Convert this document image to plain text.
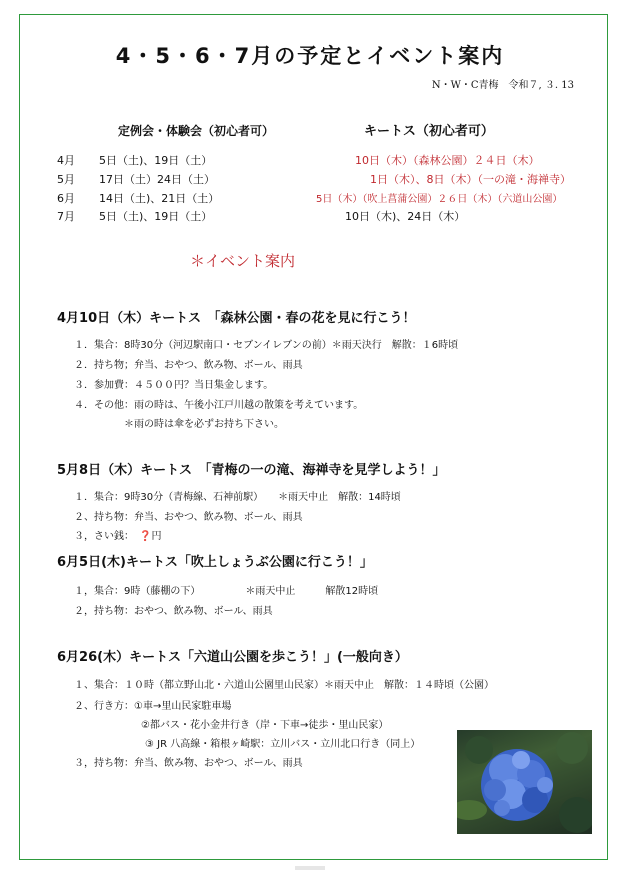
4・5・6・7月の予定とイベント案内
N・W・C青梅　令和７, ３. 13
定例会・体験会（初心者可）	キートス（初心者可）
4月 5日（土)、19日（土）	10日（木）（森林公園）２４日（木）
5月 17日（土）24日（土）	1日（木）、8日（木）（一の滝・海禅寺）
6月 14日（土)、21日（土）	5日（木）（吹上菖蒲公園）２６日（木）（六道山公園）
7月 5日（土)、19日（土）	10日（木)、24日（木）
＊イベント案内
4月10日（木）キートス　「森林公園・春の花を見に行こう！
１．集合：8時30分（河辺駅南口・セブンイレブンの前）＊雨天決行　解散：１6時頃
２．持ち物；弁当、おやつ、飲み物、ボール、雨具
３．参加費：４５００円？当日集金します。
４．その他：雨の時は、午後小江戸川越の散策を考えています。
　　　　　＊雨の時は傘を必ずお持ち下さい。
5月8日（木）キートス　「青梅の一の滝、海禅寺を見学しよう！」
１．集合：9時30分（青梅線、石神前駅）　　＊雨天中止　解散：14時頃
２、持ち物：弁当、おやつ、飲み物、ボール、雨具
３，さい銭：　❓円
6月5日(木)キートス「吹上しょうぶ公園に行こう！」
１，集合：9時（藤棚の下）　　　　　＊雨天中止　　　解散12時頃
２，持ち物：おやつ、飲み物、ボール、雨具
6月26(木）キートス「六道山公園を歩こう！」(一般向き）
１、集合：１０時（都立野山北・六道山公園里山民家）＊雨天中止　解散：１４時頃（公園）
２、行き方：①車→里山民家駐車場
②都バス・花小金井行き（岸・下車→徒歩・里山民家）
③ JR 八高線・箱根ヶ崎駅：立川バス・立川北口行き（同上）
３，持ち物：弁当、飲み物、おやつ、ボール、雨具
